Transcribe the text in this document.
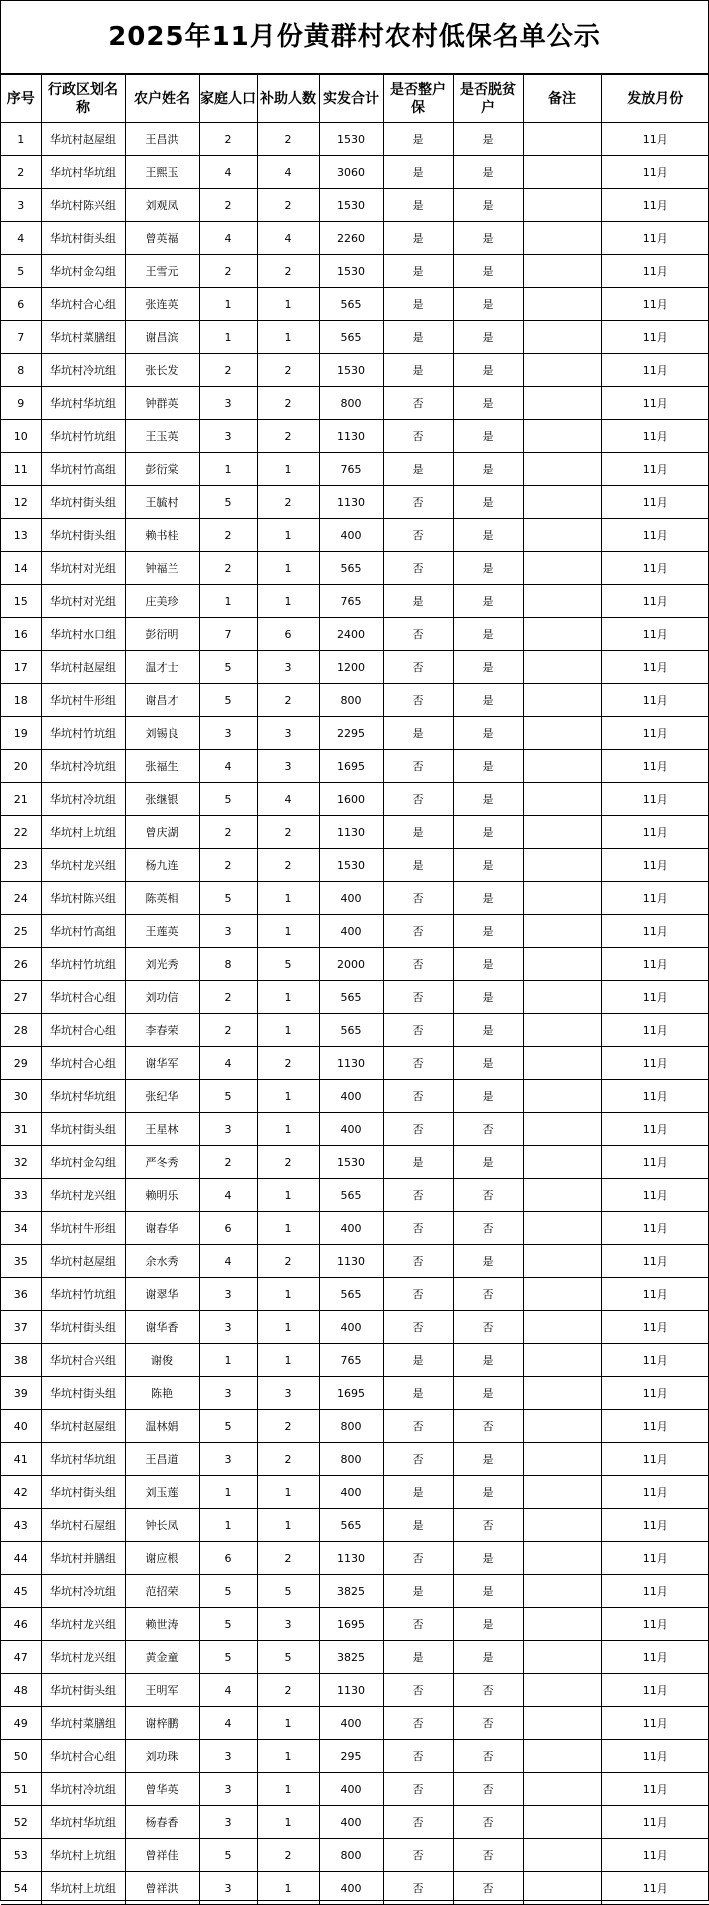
2025年11月份黄群村农村低保名单公示
序号	行政区划名称	农户姓名	家庭人口	补助人数	实发合计	是否整户保	是否脱贫户	备注	发放月份
1	华坑村赵屋组	王昌洪	2	2	1530	是	是		11月
2	华坑村华坑组	王熙玉	4	4	3060	是	是		11月
3	华坑村陈兴组	刘观凤	2	2	1530	是	是		11月
4	华坑村街头组	曾英福	4	4	2260	是	是		11月
5	华坑村金勾组	王雪元	2	2	1530	是	是		11月
6	华坑村合心组	张连英	1	1	565	是	是		11月
7	华坑村菜膳组	谢昌滨	1	1	565	是	是		11月
8	华坑村冷坑组	张长发	2	2	1530	是	是		11月
9	华坑村华坑组	钟群英	3	2	800	否	是		11月
10	华坑村竹坑组	王玉英	3	2	1130	否	是		11月
11	华坑村竹高组	彭衍棠	1	1	765	是	是		11月
12	华坑村街头组	王毓村	5	2	1130	否	是		11月
13	华坑村街头组	赖书桂	2	1	400	否	是		11月
14	华坑村对光组	钟福兰	2	1	565	否	是		11月
15	华坑村对光组	庄美珍	1	1	765	是	是		11月
16	华坑村水口组	彭衍明	7	6	2400	否	是		11月
17	华坑村赵屋组	温才士	5	3	1200	否	是		11月
18	华坑村牛形组	谢昌才	5	2	800	否	是		11月
19	华坑村竹坑组	刘锡良	3	3	2295	是	是		11月
20	华坑村冷坑组	张福生	4	3	1695	否	是		11月
21	华坑村冷坑组	张继银	5	4	1600	否	是		11月
22	华坑村上坑组	曾庆湖	2	2	1130	是	是		11月
23	华坑村龙兴组	杨九连	2	2	1530	是	是		11月
24	华坑村陈兴组	陈英相	5	1	400	否	是		11月
25	华坑村竹高组	王莲英	3	1	400	否	是		11月
26	华坑村竹坑组	刘光秀	8	5	2000	否	是		11月
27	华坑村合心组	刘功信	2	1	565	否	是		11月
28	华坑村合心组	李春荣	2	1	565	否	是		11月
29	华坑村合心组	谢华军	4	2	1130	否	是		11月
30	华坑村华坑组	张纪华	5	1	400	否	是		11月
31	华坑村街头组	王星林	3	1	400	否	否		11月
32	华坑村金勾组	严冬秀	2	2	1530	是	是		11月
33	华坑村龙兴组	赖明乐	4	1	565	否	否		11月
34	华坑村牛形组	谢春华	6	1	400	否	否		11月
35	华坑村赵屋组	余水秀	4	2	1130	否	是		11月
36	华坑村竹坑组	谢翠华	3	1	565	否	否		11月
37	华坑村街头组	谢华香	3	1	400	否	否		11月
38	华坑村合兴组	谢俊	1	1	765	是	是		11月
39	华坑村街头组	陈艳	3	3	1695	是	是		11月
40	华坑村赵屋组	温林娟	5	2	800	否	否		11月
41	华坑村华坑组	王昌道	3	2	800	否	是		11月
42	华坑村街头组	刘玉莲	1	1	400	是	是		11月
43	华坑村石屋组	钟长凤	1	1	565	是	否		11月
44	华坑村并膳组	谢应根	6	2	1130	否	是		11月
45	华坑村冷坑组	范招荣	5	5	3825	是	是		11月
46	华坑村龙兴组	赖世涛	5	3	1695	否	是		11月
47	华坑村龙兴组	黄金童	5	5	3825	是	是		11月
48	华坑村街头组	王明军	4	2	1130	否	否		11月
49	华坑村菜膳组	谢梓鹏	4	1	400	否	否		11月
50	华坑村合心组	刘功珠	3	1	295	否	否		11月
51	华坑村冷坑组	曾华英	3	1	400	否	否		11月
52	华坑村华坑组	杨春香	3	1	400	否	否		11月
53	华坑村上坑组	曾祥佳	5	2	800	否	否		11月
54	华坑村上坑组	曾祥洪	3	1	400	否	否		11月
